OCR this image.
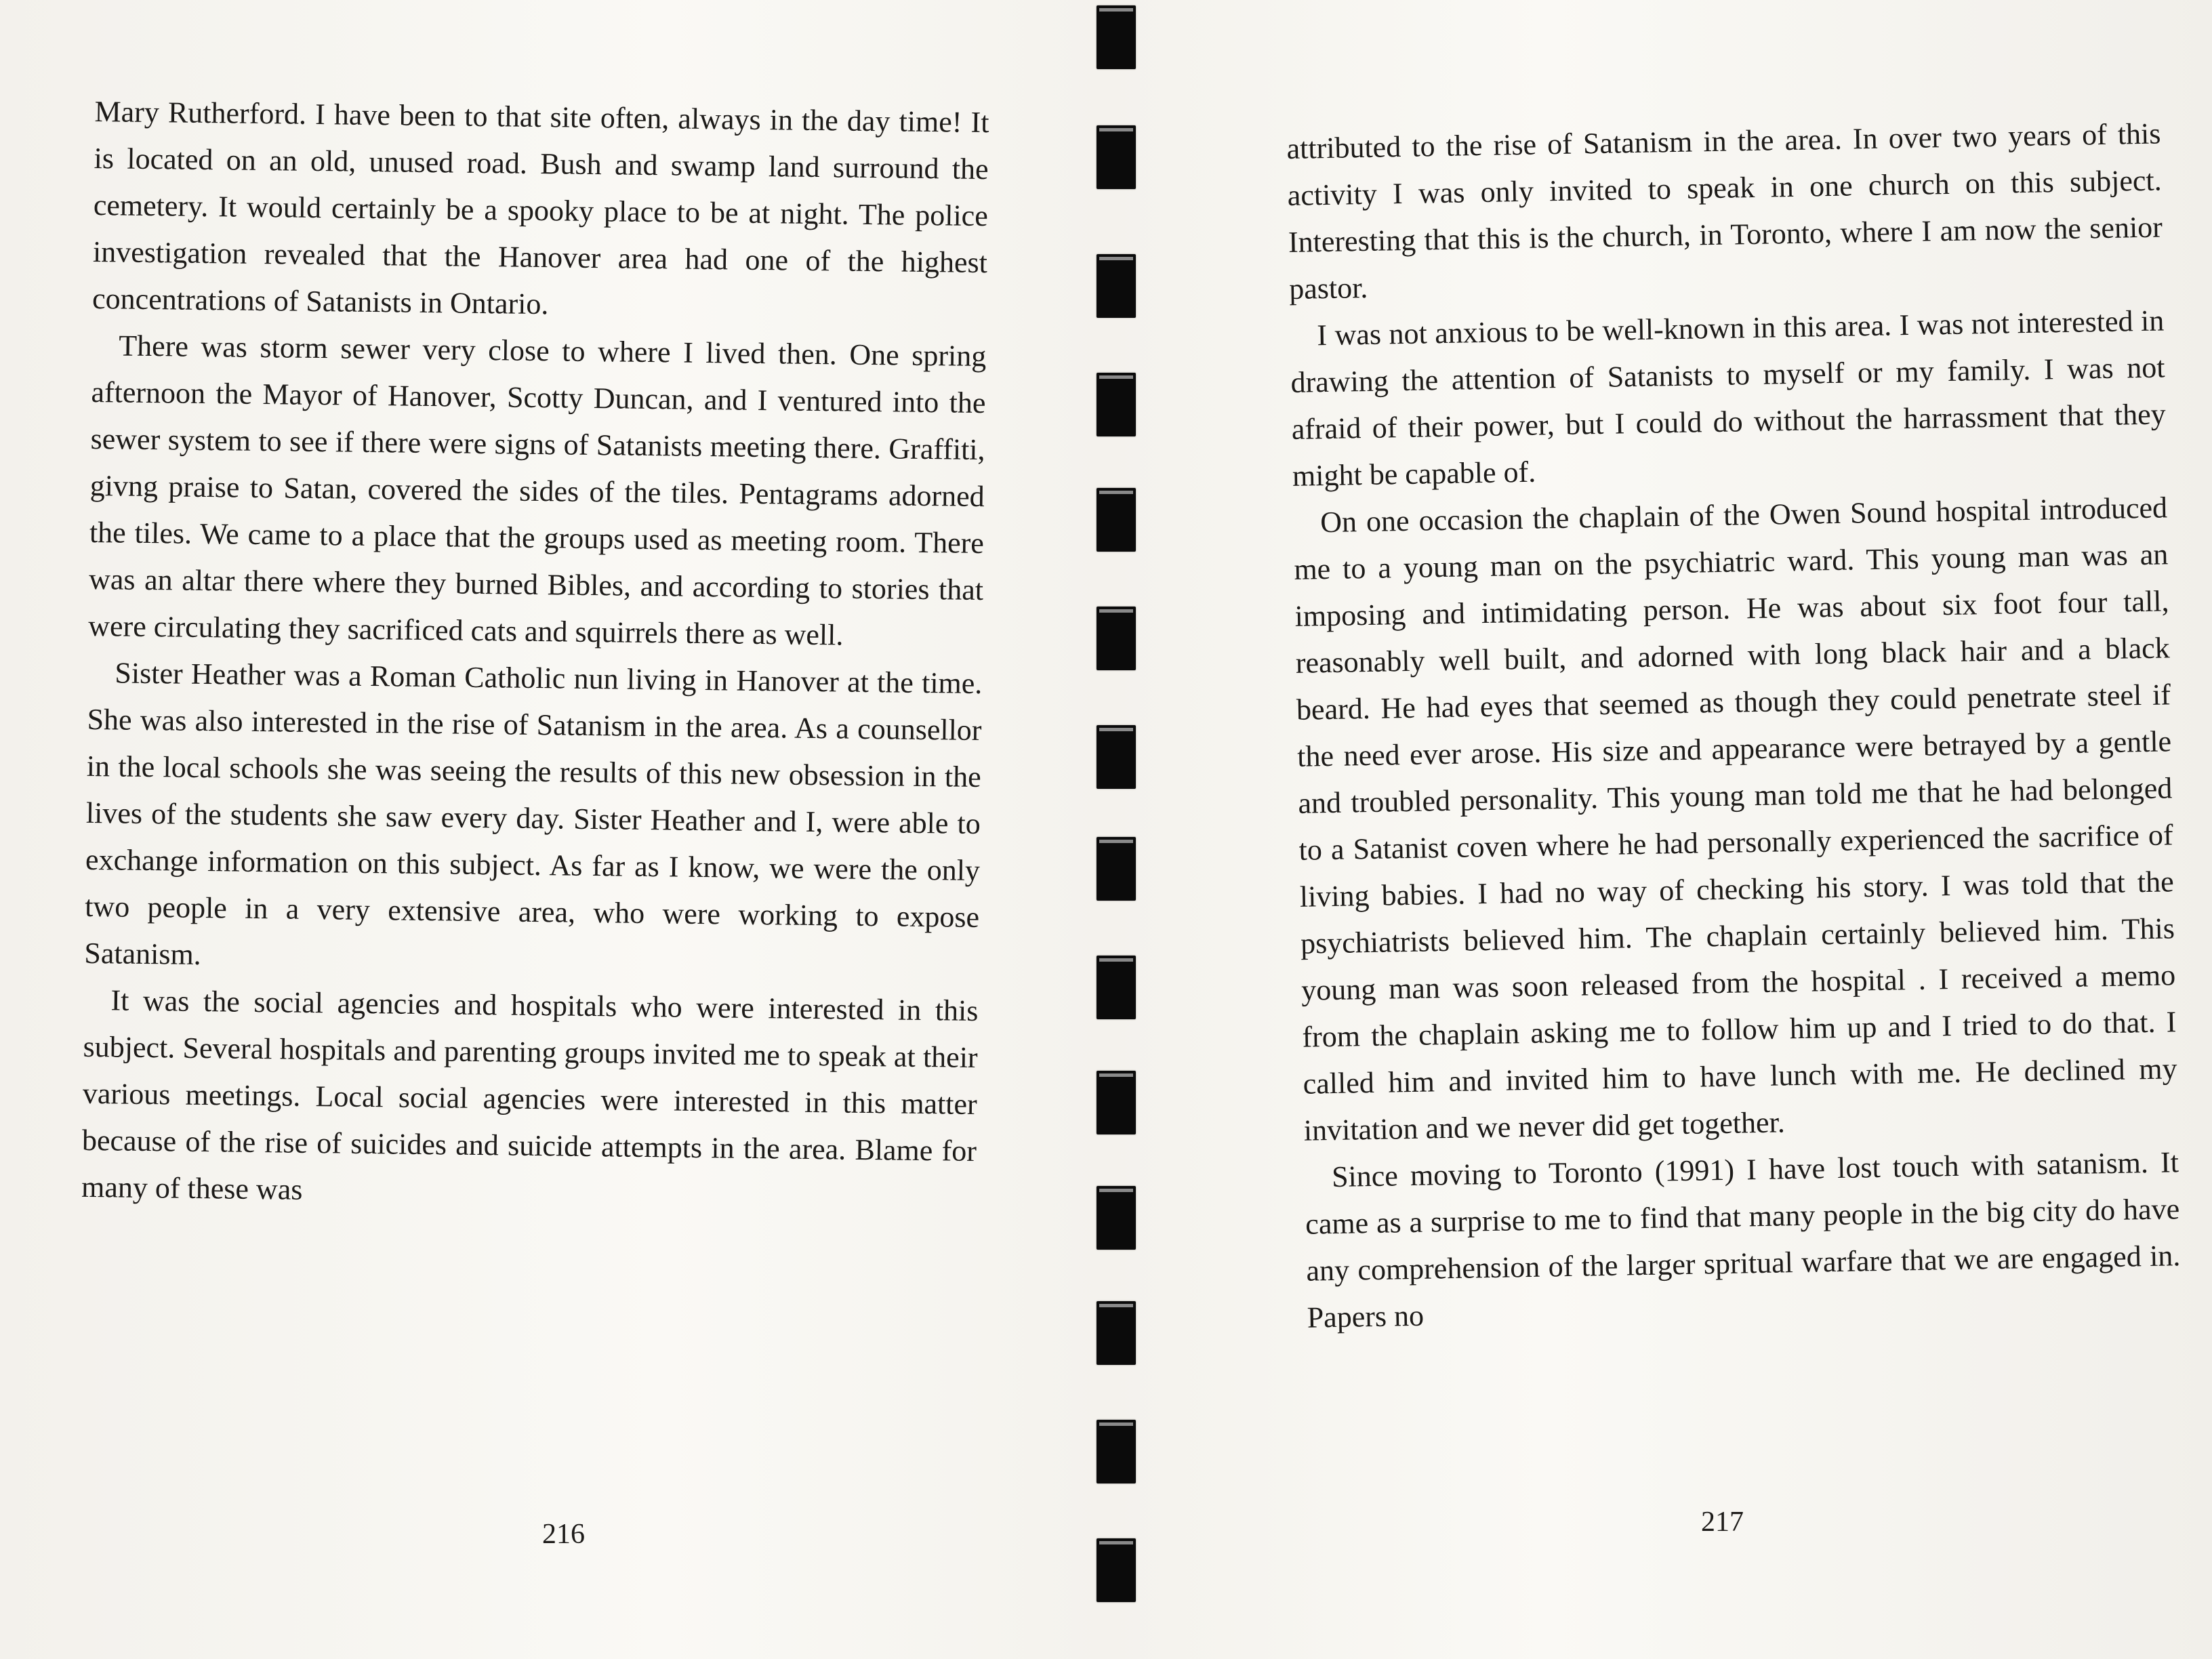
Mary Rutherford. I have been to that site often, always in the day time! It is located on an old, unused road. Bush and swamp land surround the cemetery. It would certainly be a spooky place to be at night. The police investigation revealed that the Hanover area had one of the highest concentrations of Satanists in Ontario.

There was storm sewer very close to where I lived then. One spring afternoon the Mayor of Hanover, Scotty Duncan, and I ventured into the sewer system to see if there were signs of Satanists meeting there. Graffiti, givng praise to Satan, covered the sides of the tiles. Pentagrams adorned the tiles. We came to a place that the groups used as meeting room. There was an altar there where they burned Bibles, and according to stories that were circulating they sacrificed cats and squirrels there as well.

Sister Heather was a Roman Catholic nun living in Hanover at the time. She was also interested in the rise of Satanism in the area. As a counsellor in the local schools she was seeing the results of this new obsession in the lives of the students she saw every day. Sister Heather and I, were able to exchange information on this subject. As far as I know, we were the only two people in a very extensive area, who were working to expose Satanism.

It was the social agencies and hospitals who were interested in this subject. Several hospitals and parenting groups invited me to speak at their various meetings. Local social agencies were interested in this matter because of the rise of suicides and suicide attempts in the area. Blame for many of these was

216

attributed to the rise of Satanism in the area. In over two years of this activity I was only invited to speak in one church on this subject. Interesting that this is the church, in Toronto, where I am now the senior pastor.

I was not anxious to be well-known in this area. I was not interested in drawing the attention of Satanists to myself or my family. I was not afraid of their power, but I could do without the harrassment that they might be capable of.

On one occasion the chaplain of the Owen Sound hospital introduced me to a young man on the psychiatric ward. This young man was an imposing and intimidating person. He was about six foot four tall, reasonably well built, and adorned with long black hair and a black beard. He had eyes that seemed as though they could penetrate steel if the need ever arose. His size and appearance were betrayed by a gentle and troubled personality. This young man told me that he had belonged to a Satanist coven where he had personally experienced the sacrifice of living babies. I had no way of checking his story. I was told that the psychiatrists believed him. The chaplain certainly believed him. This young man was soon released from the hospital . I received a memo from the chaplain asking me to follow him up and I tried to do that. I called him and invited him to have lunch with me. He declined my invitation and we never did get together.

Since moving to Toronto (1991) I have lost touch with satanism. It came as a surprise to me to find that many people in the big city do have any comprehension of the larger spritual warfare that we are engaged in. Papers no

217
